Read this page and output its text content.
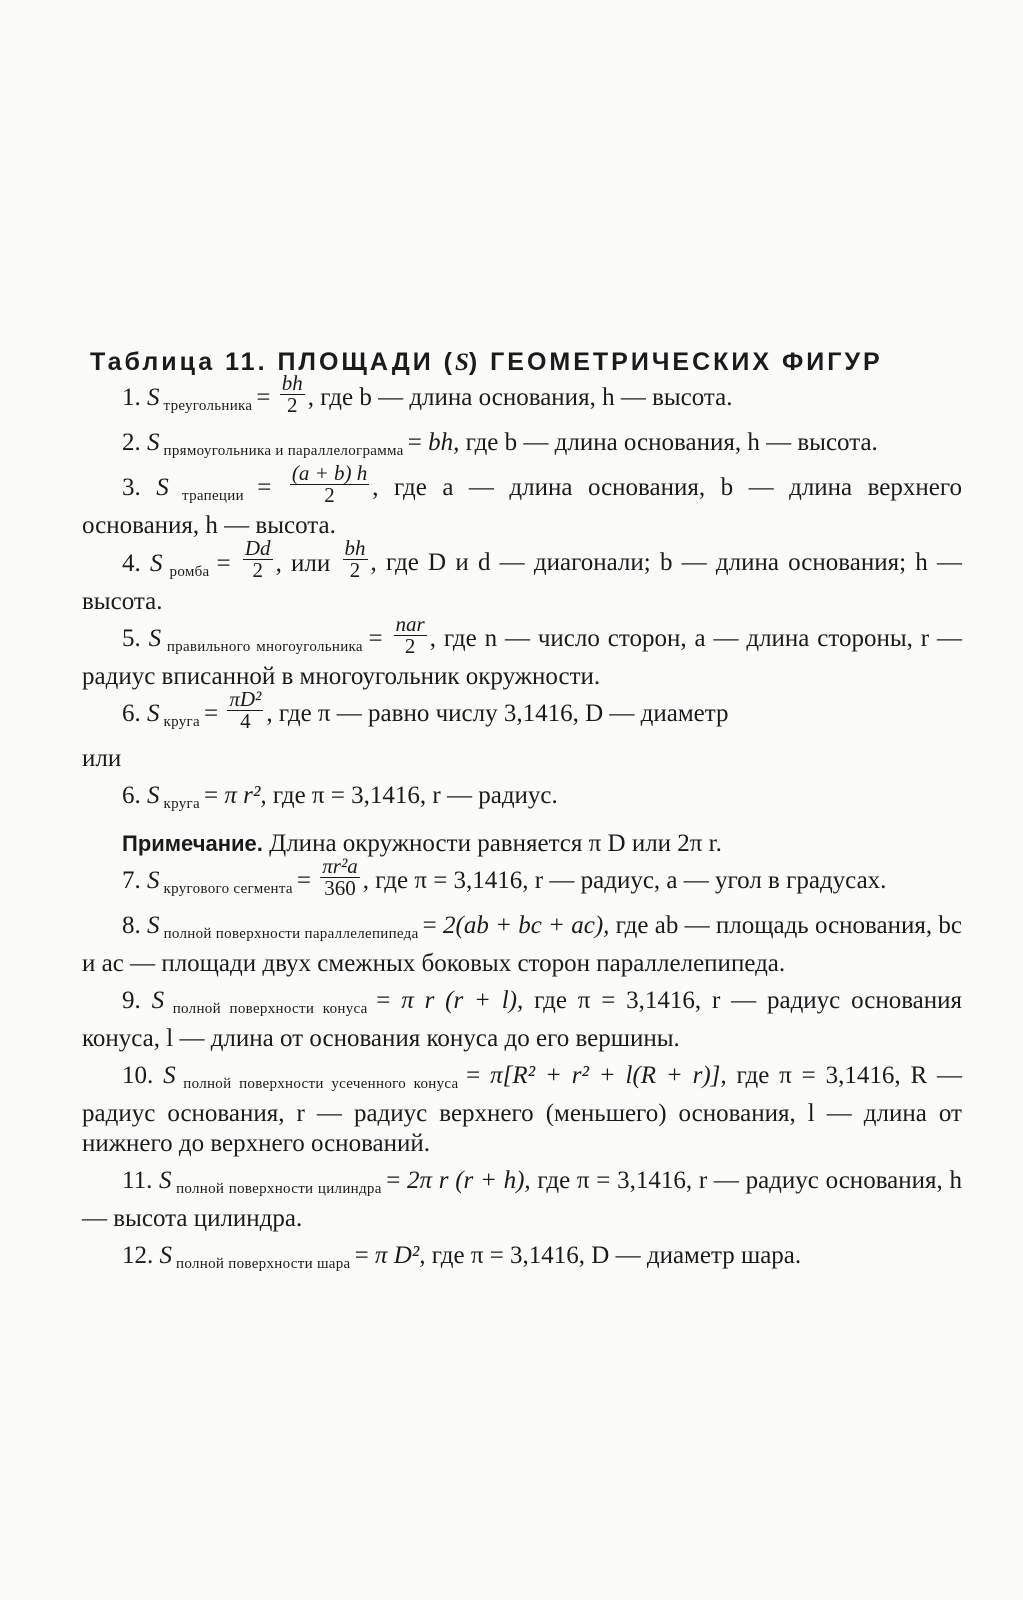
Таблица 11. ПЛОЩАДИ (S) ГЕОМЕТРИЧЕСКИХ ФИГУР
1. S $_{треугольника} = \frac{bh}{2}$ , где b — длина основания, h — высота.
2. S $_{прямоугольника и параллелограмма}$ = bh, где b — длина основания, h — высота.
3. S $_{трапеции} = \frac{(a + b) h}{2}$ , где a — длина основания, b — длина верхнего основания, h — высота.
4. S $_{ромба} = \frac{Dd}{2}$ , или $\frac{bh}{2}$ , где D и d — диагонали; b — длина основания; h — высота.
5. S $_{правильного многоугольника} = \frac{\text{nar}}{2}$ , где n — число сторон, a — длина стороны, r — радиус вписанной в многоугольник окружности.
6. S $_{круга} = \frac{\text{πD²}}{4}$ , где π — равно числу 3,1416, D — диаметр
или
6. S $_{круга}$ = π r², где π = 3,1416, r — радиус.
Примечание. Длина окружности равняется π D или 2π r.
7. S $_{кругового сегмента} = \frac{\text{πr²a}}{360}$ , где π = 3,1416, r — радиус, a — угол в градусах.
8. S $_{полной поверхности параллелепипеда}$ = 2(ab + bc + ac), где ab — площадь основания, bc и ac — площади двух смежных боковых сторон параллелепипеда.
9. S $_{полной поверхности конуса}$ = π r (r + l), где π = 3,1416, r — радиус основания конуса, l — длина от основания конуса до его вершины.
10. S $_{полной поверхности усеченного конуса}$ = π[R² + r² + l(R + r)], где π = 3,1416, R — радиус основания, r — радиус верхнего (меньшего) основания, l — длина от нижнего до верхнего оснований.
11. S $_{полной поверхности цилиндра}$ = 2π r (r + h), где π = 3,1416, r — радиус основания, h — высота цилиндра.
12. S $_{полной поверхности шара}$ = π D², где π = 3,1416, D — диаметр шара.
